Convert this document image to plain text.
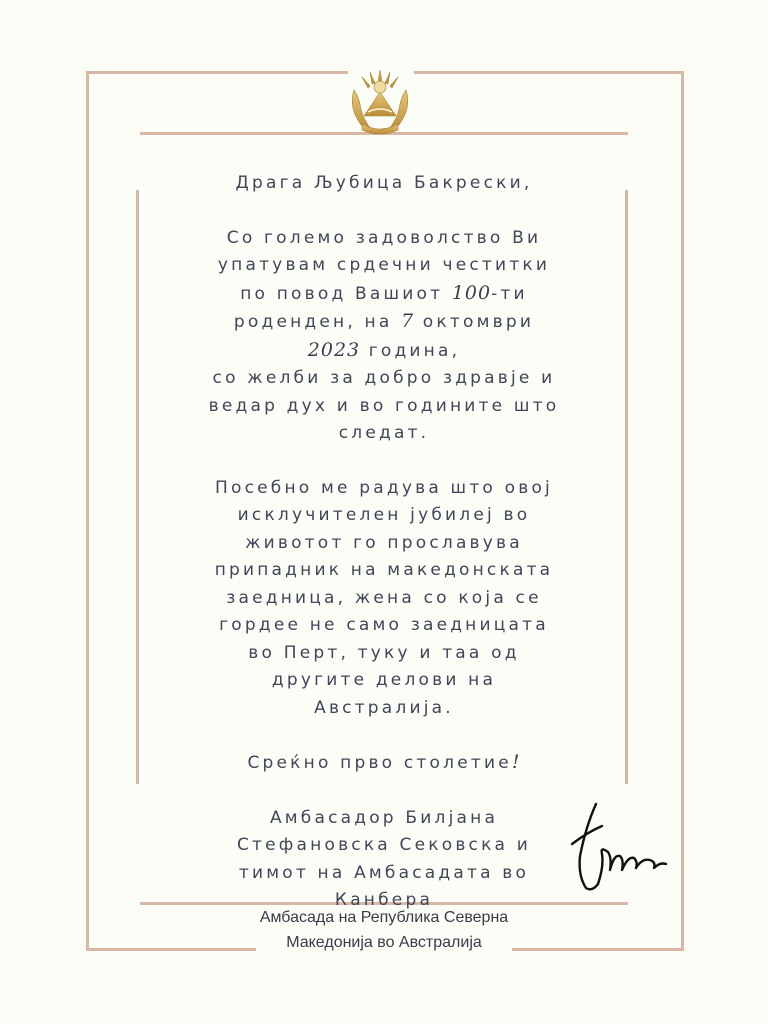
Драга Љубица Бакрески,

Со големо задоволство Ви

упатувам срдечни честитки

по повод Вашиот 100-ти

роденден, на 7 октомври

2023 година,

со желби за добро здравје и

ведар дух и во годините што

следат.

Посебно ме радува што овој

исклучителен јубилеј во

животот го прославува

припадник на македонската

заедница, жена со која се

гордее не само заедницата

во Перт, туку и таа од

другите делови на

Австралија.

Среќно прво столетие!

Амбасадор Билјана

Стефановска Сековска и

тимот на Амбасадата во

Канбера

Амбасада на Република Северна

Македонија во Австралија
